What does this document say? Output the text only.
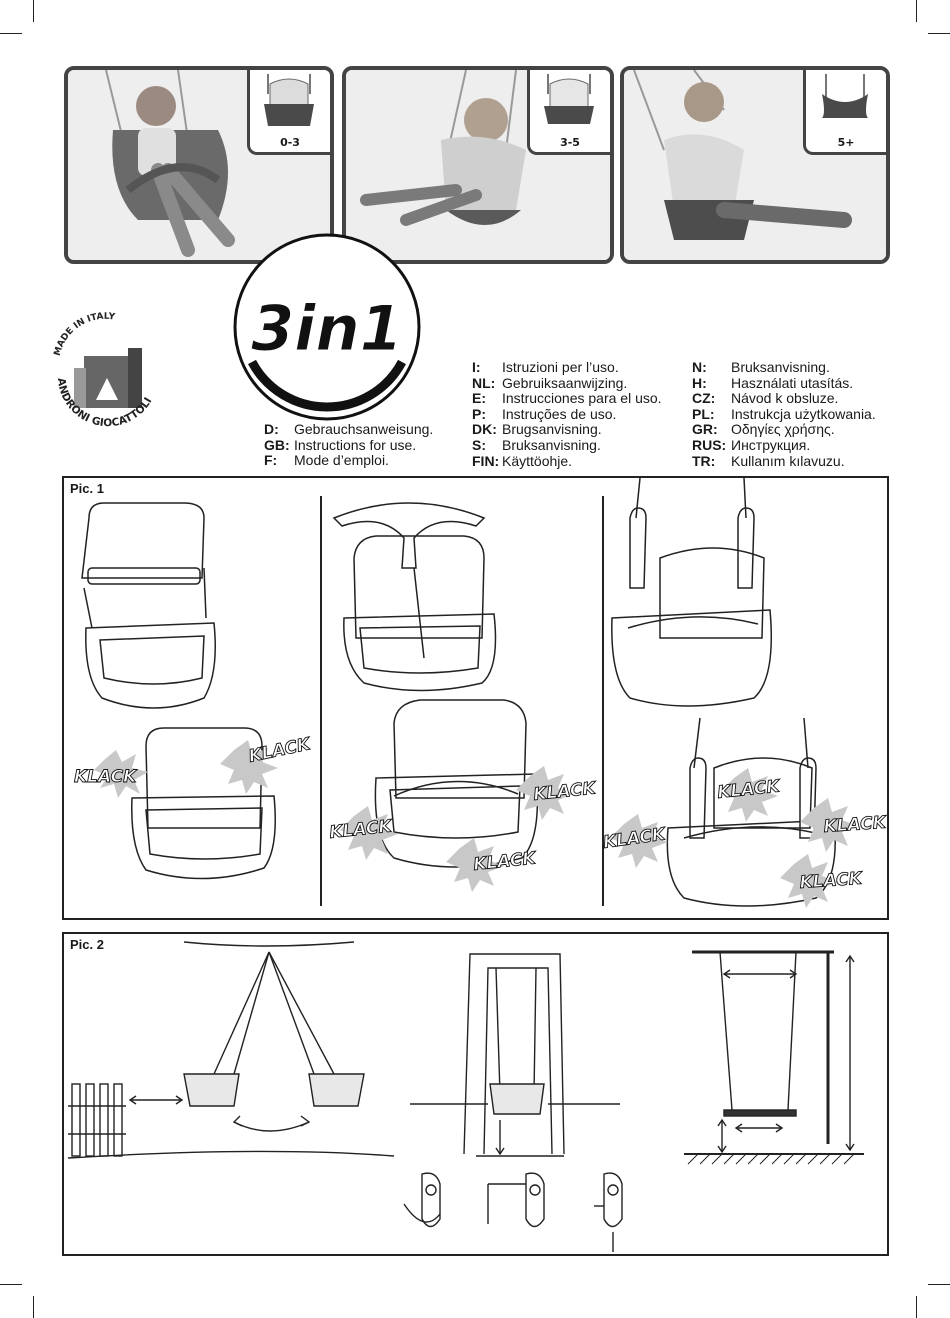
0-3	3-5	5+
3in1
MADE IN ITALY
ANDRONI GIOCATTOLI
D: Gebrauchsanweisung.
GB: Instructions for use.
F: Mode d’emploi.
I: Istruzioni per l’uso.
NL: Gebruiksaanwijzing.
E: Instrucciones para el uso.
P: Instruções de uso.
DK: Brugsanvisning.
S: Bruksanvisning.
FIN: Käyttöohje.
N: Bruksanvisning.
H: Használati utasítás.
CZ: Návod k obsluze.
PL: Instrukcja użytkowania.
GR: Οδηγίες χρήσης.
RUS: Инструкция.
TR: Kullanım kılavuzu.
Pic. 1
KLACK
KLACK
KLACK
KLACK
KLACK
KLACK
KLACK
KLACK
KLACK
Pic. 2
